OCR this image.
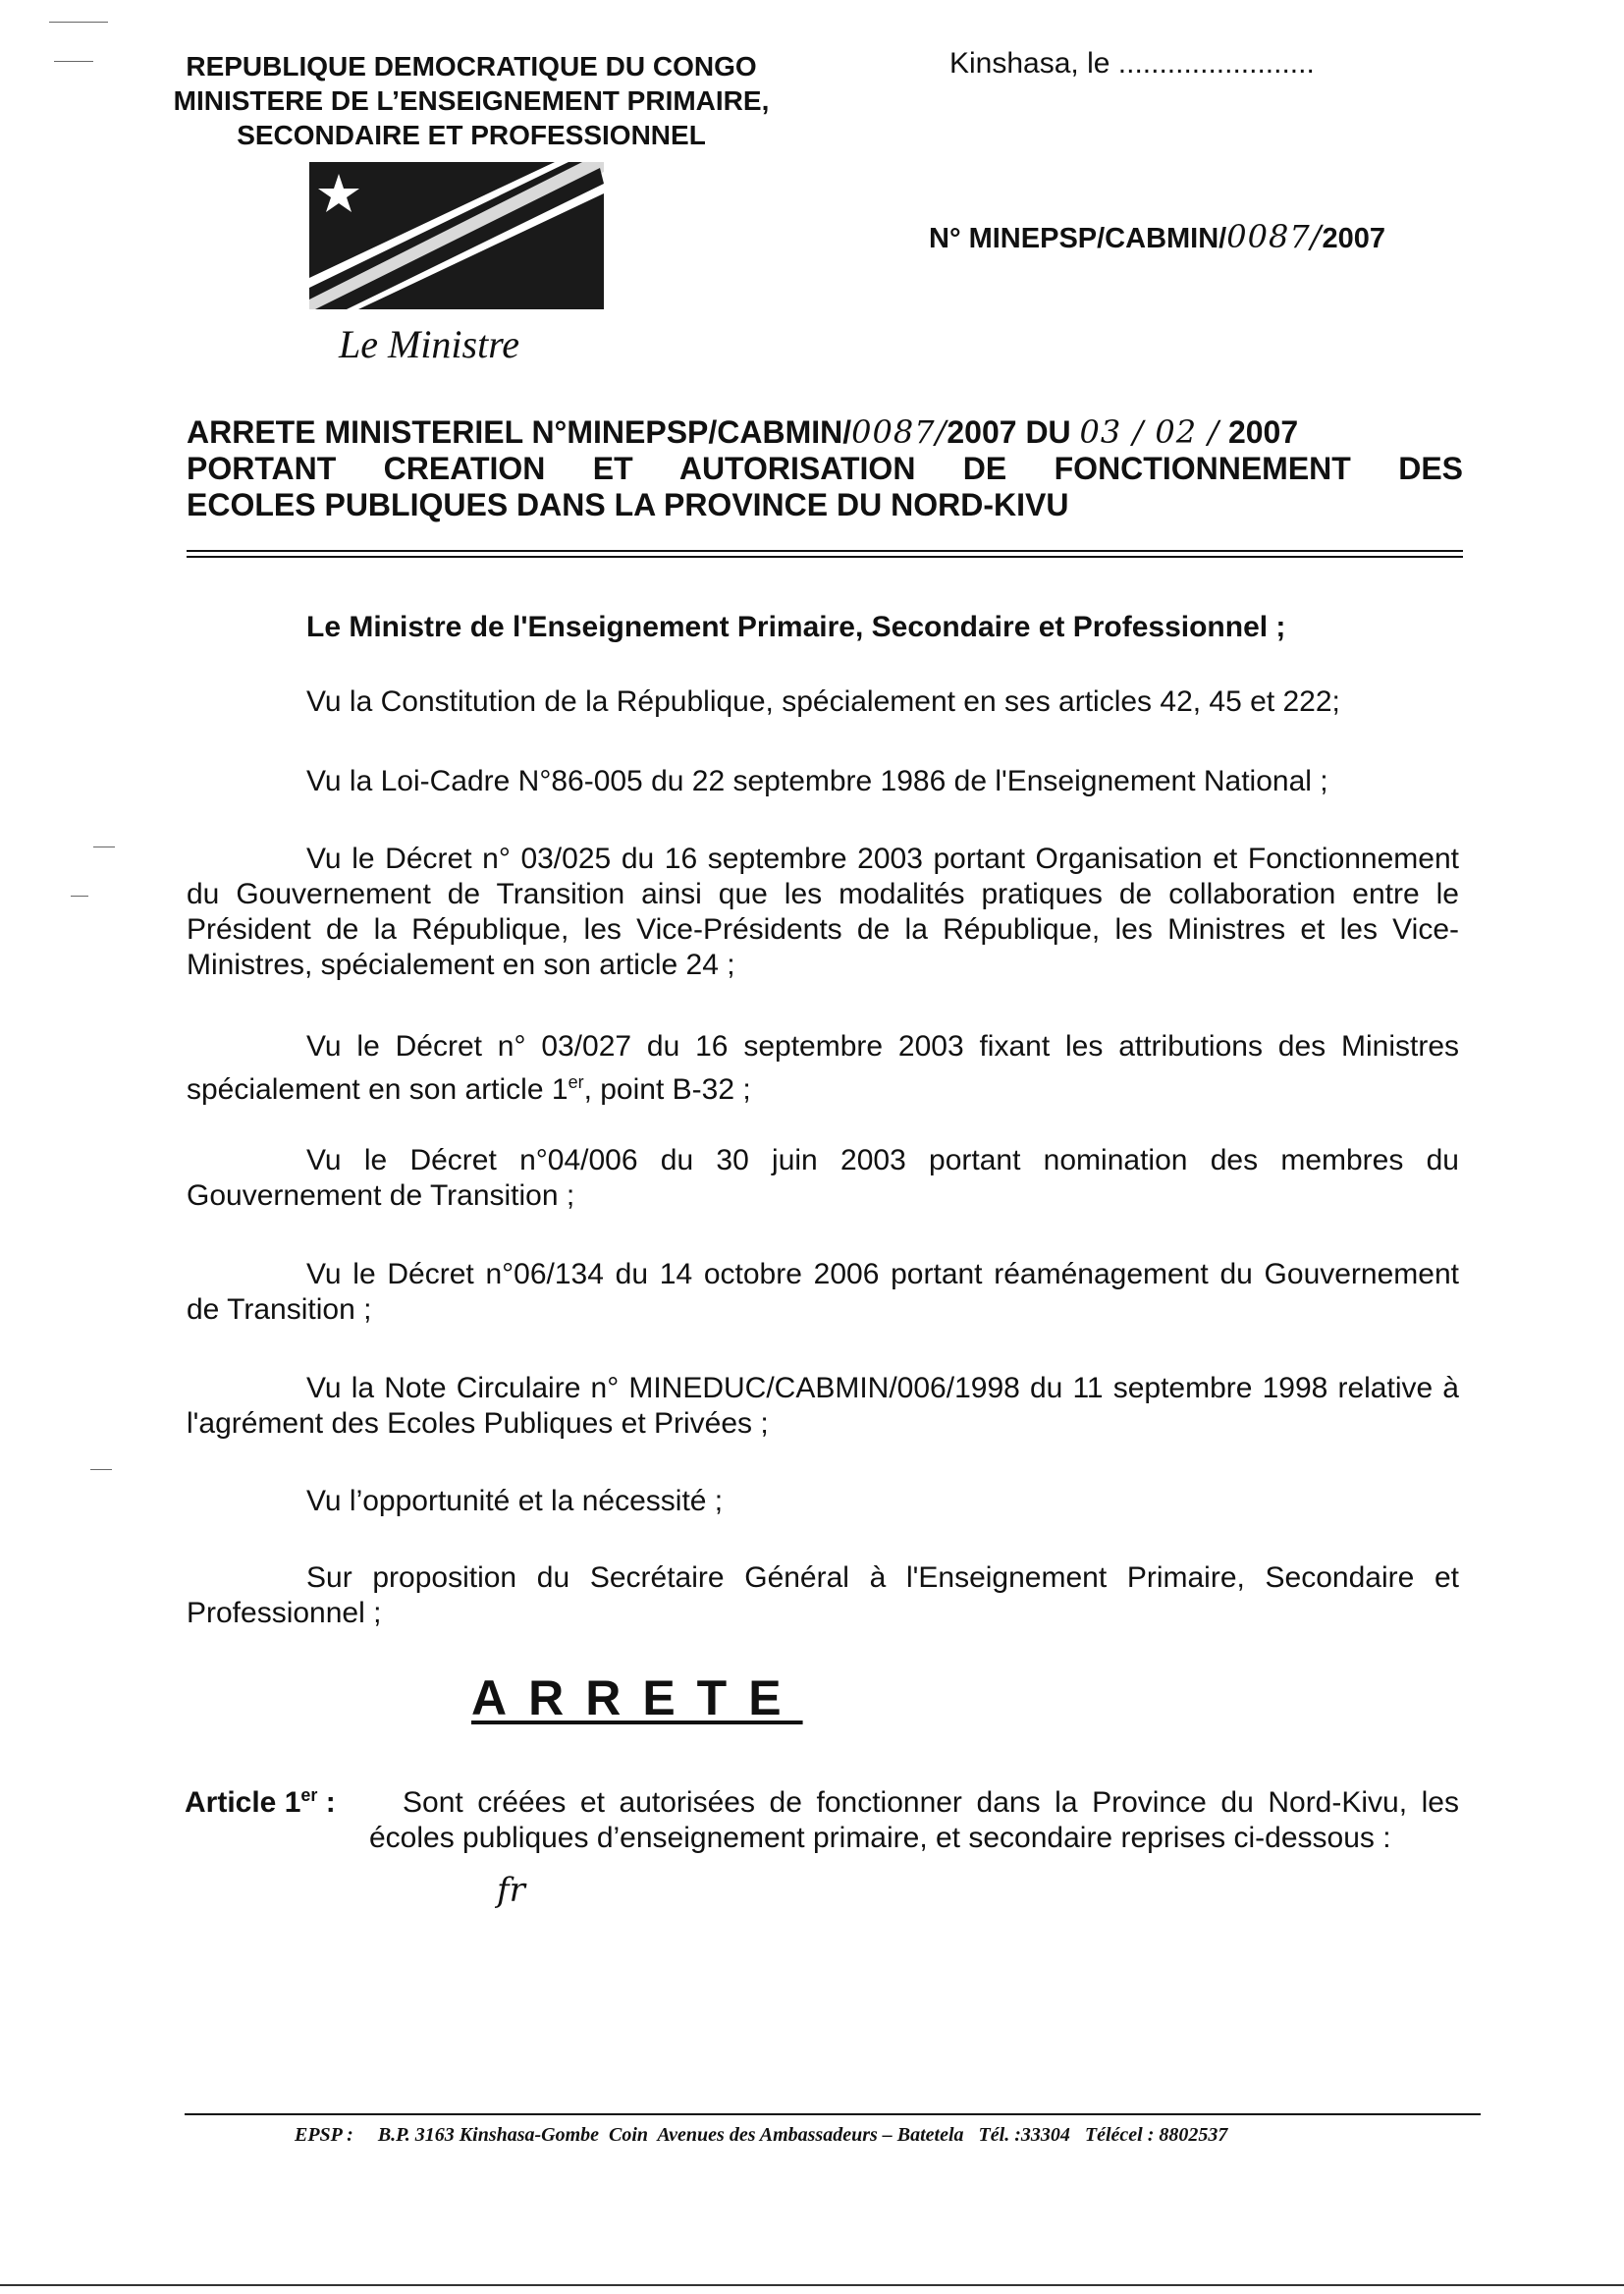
REPUBLIQUE DEMOCRATIQUE DU CONGO
MINISTERE DE L’ENSEIGNEMENT PRIMAIRE,
SECONDAIRE ET PROFESSIONNEL
Kinshasa, le ........................
N° MINEPSP/CABMIN/0087/2007
Le Ministre
ARRETE MINISTERIEL N°MINEPSP/CABMIN/0087/2007 DU 03 / 02 / 2007
PORTANT CREATION ET AUTORISATION DE FONCTIONNEMENT DES
ECOLES PUBLIQUES DANS LA PROVINCE DU NORD-KIVU
Le Ministre de l'Enseignement Primaire, Secondaire et Professionnel ;
Vu la Constitution de la République, spécialement en ses articles 42, 45 et 222;
Vu la Loi-Cadre N°86-005 du 22 septembre 1986 de l'Enseignement National ;
Vu le Décret n° 03/025 du 16 septembre 2003 portant Organisation et Fonctionnement du Gouvernement de Transition ainsi que les modalités pratiques de collaboration entre le Président de la République, les Vice-Présidents de la République, les Ministres et les Vice-Ministres, spécialement en son article 24 ;
Vu le Décret n° 03/027 du 16 septembre 2003 fixant les attributions des Ministres spécialement en son article 1er, point B-32 ;
Vu le Décret n°04/006 du 30 juin 2003 portant nomination des membres du Gouvernement de Transition ;
Vu le Décret n°06/134 du 14 octobre 2006 portant réaménagement du Gouvernement de Transition ;
Vu la Note Circulaire n° MINEDUC/CABMIN/006/1998 du 11 septembre 1998 relative à l'agrément des Ecoles Publiques et Privées ;
Vu l’opportunité et la nécessité ;
Sur proposition du Secrétaire Général à l'Enseignement Primaire, Secondaire et Professionnel ;
ARRETE
Article 1er :	Sont créées et autorisées de fonctionner dans la Province du Nord-Kivu, les écoles publiques d’enseignement primaire, et secondaire reprises ci-dessous :
fr
EPSP :     B.P. 3163 Kinshasa-Gombe  Coin  Avenues des Ambassadeurs – Batetela   Tél. :33304   Télécel : 8802537
